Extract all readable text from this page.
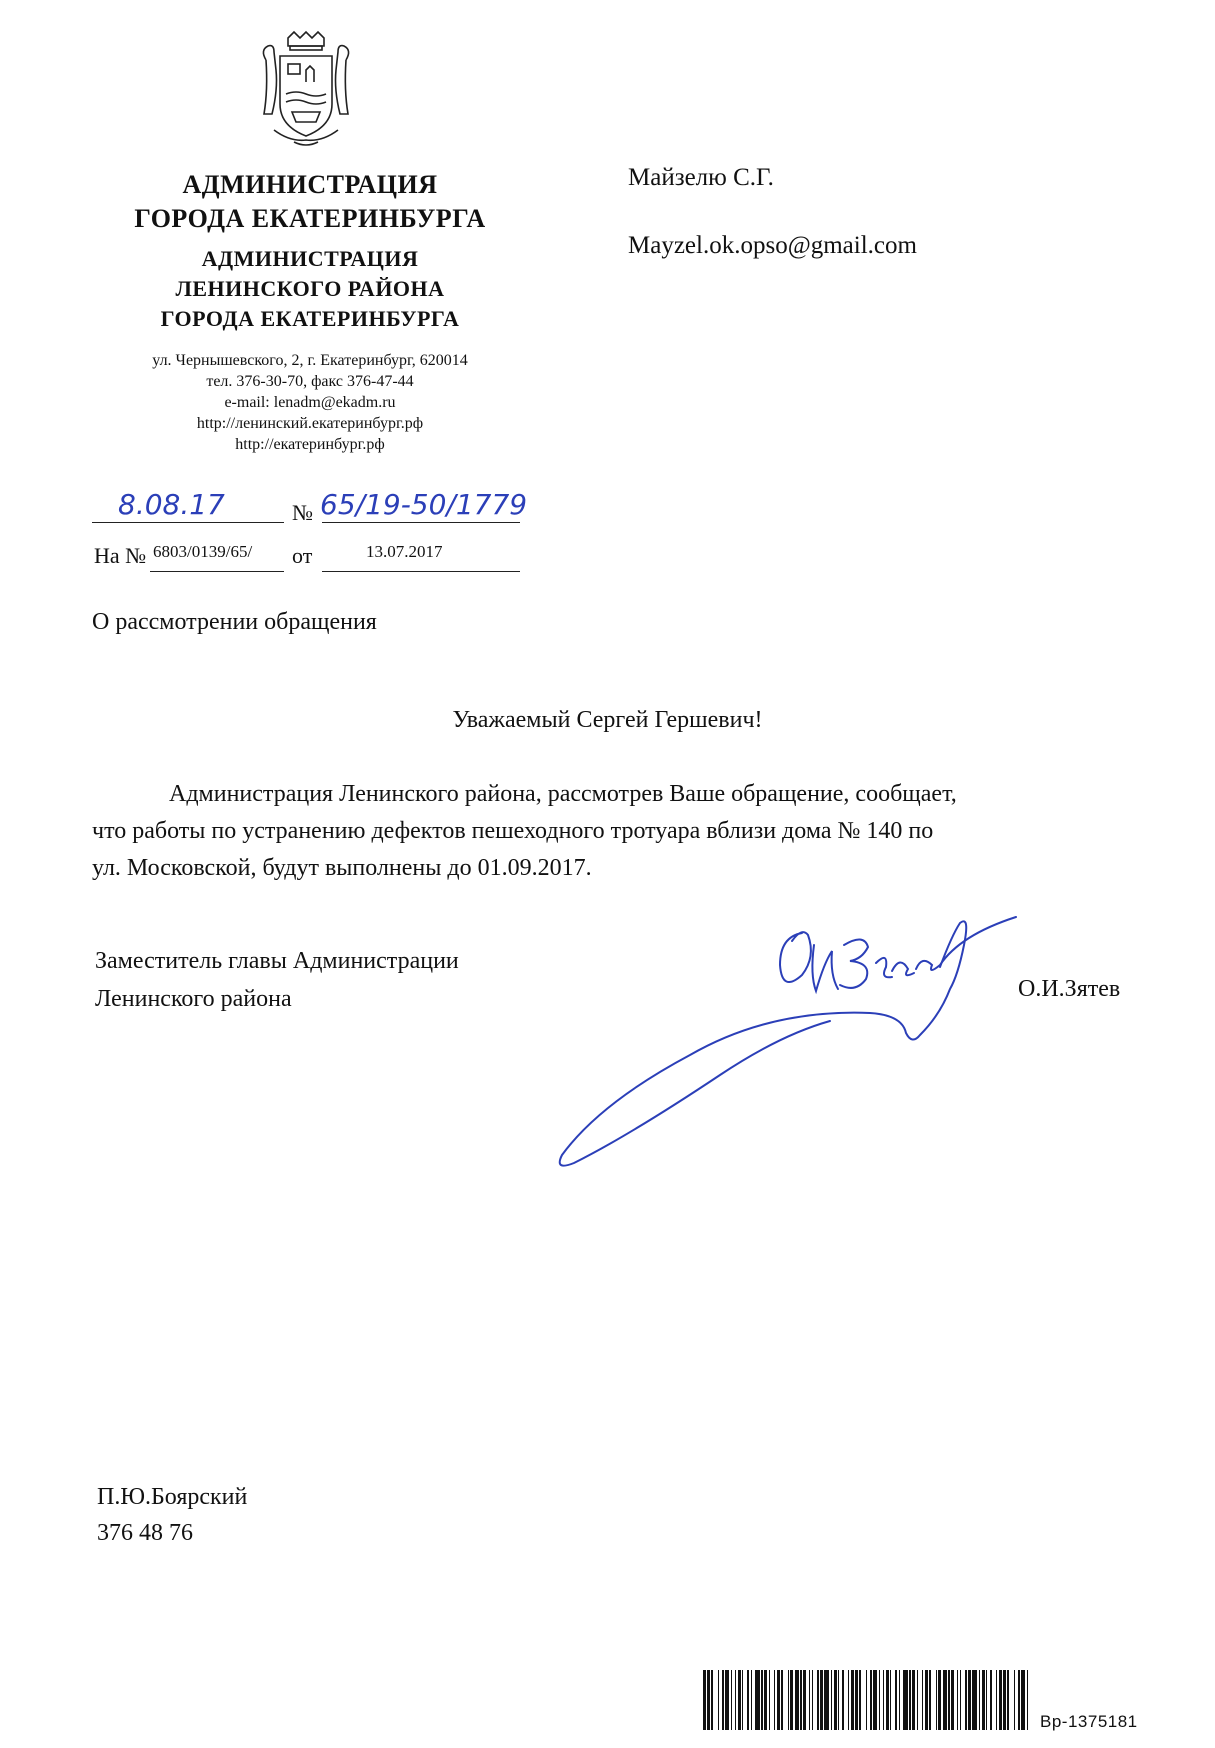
АДМИНИСТРАЦИЯ
ГОРОДА ЕКАТЕРИНБУРГА
АДМИНИСТРАЦИЯ
ЛЕНИНСКОГО РАЙОНА
ГОРОДА ЕКАТЕРИНБУРГА
ул. Чернышевского, 2, г. Екатеринбург, 620014
тел. 376-30-70, факс 376-47-44
e-mail: lenadm@ekadm.ru
http://ленинский.екатеринбург.рф
http://екатеринбург.рф
Майзелю С.Г.
Mayzel.ok.opso@gmail.com
8.08.17	№ 65/19-50/1779
На № 6803/0139/65/ от	13.07.2017
О рассмотрении обращения
Уважаемый Сергей Гершевич!
Администрация Ленинского района, рассмотрев Ваше обращение, сообщает,
что работы по устранению дефектов пешеходного тротуара вблизи дома № 140 по
ул. Московской, будут выполнены до 01.09.2017.
Заместитель главы Администрации
Ленинского района	О.И.Зятев
П.Ю.Боярский
376 48 76
Вр-1375181
